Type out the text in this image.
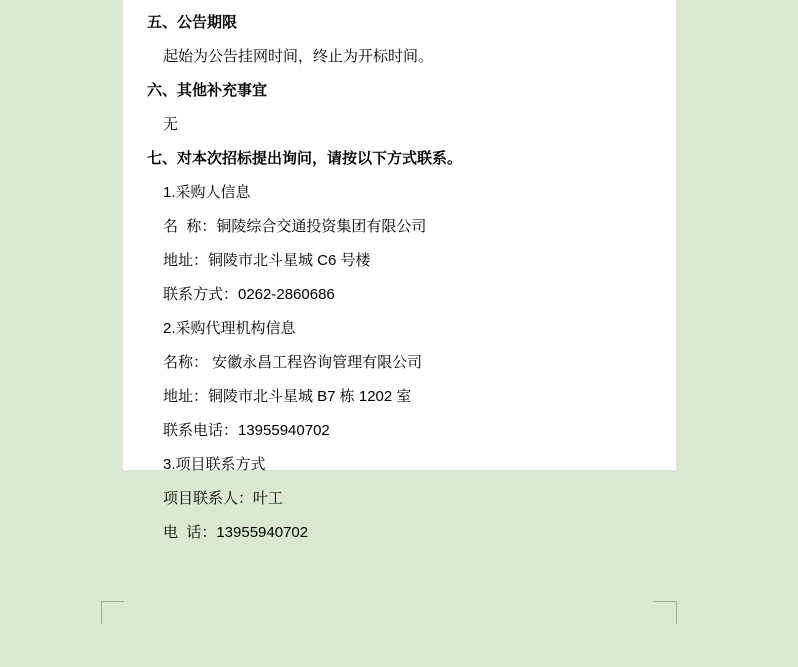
五、公告期限
起始为公告挂网时间，终止为开标时间。
六、其他补充事宜
无
七、对本次招标提出询问，请按以下方式联系。
1.采购人信息
名  称：铜陵综合交通投资集团有限公司
地址：铜陵市北斗星城 C6 号楼
联系方式：0262-2860686
2.采购代理机构信息
名称： 安徽永昌工程咨询管理有限公司
地址：铜陵市北斗星城 B7 栋 1202 室
联系电话：13955940702
3.项目联系方式
项目联系人：叶工
电  话：13955940702
